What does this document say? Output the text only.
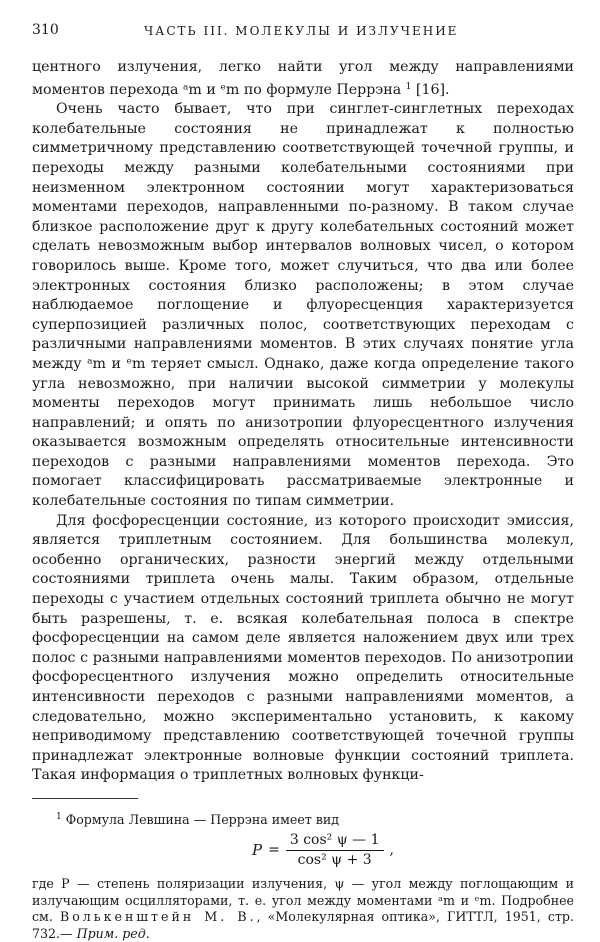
310	ЧАСТЬ III. МОЛЕКУЛЫ И ИЗЛУЧЕНИЕ

центного излучения, легко найти угол между направлениями моментов перехода ᵃm и ᵉm по формуле Перрэна $^1$ [16].

Очень часто бывает, что при синглет-синглетных переходах колебательные состояния не принадлежат к полностью симметричному представлению соответствующей точечной группы, и переходы между разными колебательными состояниями при неизменном электронном состоянии могут характеризоваться моментами переходов, направленными по-разному. В таком случае близкое расположение друг к другу колебательных состояний может сделать невозможным выбор интервалов волновых чисел, о котором говорилось выше. Кроме того, может случиться, что два или более электронных состояния близко расположены; в этом случае наблюдаемое поглощение и флуоресценция характеризуется суперпозицией различных полос, соответствующих переходам с различными направлениями моментов. В этих случаях понятие угла между ᵃm и ᵉm теряет смысл. Однако, даже когда определение такого угла невозможно, при наличии высокой симметрии у молекулы моменты переходов могут принимать лишь небольшое число направлений; и опять по анизотропии флуоресцентного излучения оказывается возможным определять относительные интенсивности переходов с разными направлениями моментов перехода. Это помогает классифицировать рассматриваемые электронные и колебательные состояния по типам симметрии.

Для фосфоресценции состояние, из которого происходит эмиссия, является триплетным состоянием. Для большинства молекул, особенно органических, разности энергий между отдельными состояниями триплета очень малы. Таким образом, отдельные переходы с участием отдельных состояний триплета обычно не могут быть разрешены, т. е. всякая колебательная полоса в спектре фосфоресценции на самом деле является наложением двух или трех полос с разными направлениями моментов переходов. По анизотропии фосфоресцентного излучения можно определить относительные интенсивности переходов с разными направлениями моментов, а следовательно, можно экспериментально установить, к какому неприводимому представлению соответствующей точечной группы принадлежат электронные волновые функции состояний триплета. Такая информация о триплетных волновых функци-

$^1$ Формула Левшина — Перрэна имеет вид

$P = \frac{\text{3 cos² ψ — 1}}{\text{cos² ψ + 3}}$ ,

где P — степень поляризации излучения, ψ — угол между поглощающим и излучающим осцилляторами, т. е. угол между моментами ᵃm и ᵉm. Подробнее см. Волькенштейн М. В., «Молекулярная оптика», ГИТТЛ, 1951, стр. 732.— Прим. ред.
